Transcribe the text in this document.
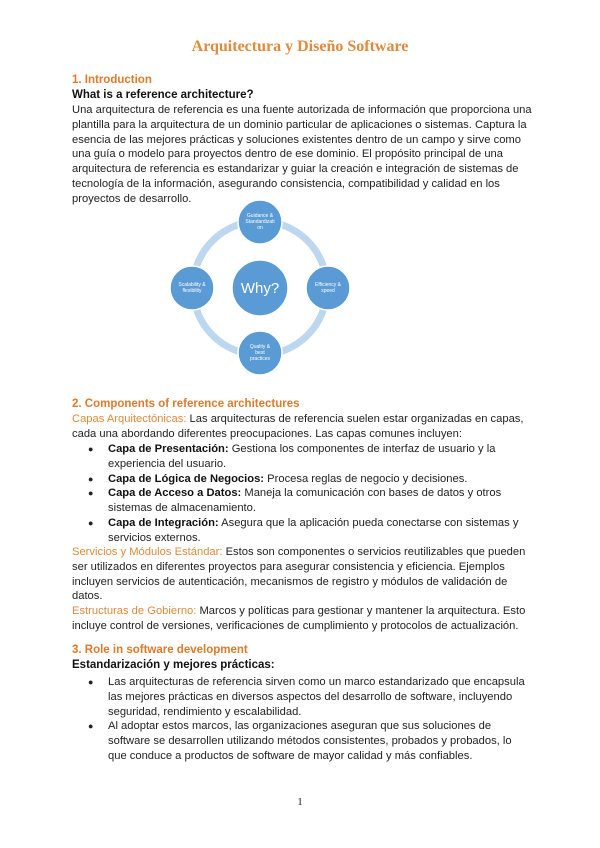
Arquitectura y Diseño Software
1. Introduction
What is a reference architecture?
Una arquitectura de referencia es una fuente autorizada de información que proporciona una plantilla para la arquitectura de un dominio particular de aplicaciones o sistemas. Captura la esencia de las mejores prácticas y soluciones existentes dentro de un campo y sirve como una guía o modelo para proyectos dentro de ese dominio. El propósito principal de una arquitectura de referencia es estandarizar y guiar la creación e integración de sistemas de tecnología de la información, asegurando consistencia, compatibilidad y calidad en los proyectos de desarrollo.
Why?
Guidance &
Standardizati
on
Efficiency &
speed
Quality &
best
practices
Scalability &
flexibility
2. Components of reference architectures
Capas Arquitectónicas: Las arquitecturas de referencia suelen estar organizadas en capas, cada una abordando diferentes preocupaciones. Las capas comunes incluyen:
● Capa de Presentación: Gestiona los componentes de interfaz de usuario y la experiencia del usuario.
● Capa de Lógica de Negocios: Procesa reglas de negocio y decisiones.
● Capa de Acceso a Datos: Maneja la comunicación con bases de datos y otros sistemas de almacenamiento.
● Capa de Integración: Asegura que la aplicación pueda conectarse con sistemas y servicios externos.
Servicios y Módulos Estándar: Estos son componentes o servicios reutilizables que pueden ser utilizados en diferentes proyectos para asegurar consistencia y eficiencia. Ejemplos incluyen servicios de autenticación, mecanismos de registro y módulos de validación de datos.
Estructuras de Gobierno: Marcos y políticas para gestionar y mantener la arquitectura. Esto incluye control de versiones, verificaciones de cumplimiento y protocolos de actualización.
3. Role in software development
Estandarización y mejores prácticas:
● Las arquitecturas de referencia sirven como un marco estandarizado que encapsula las mejores prácticas en diversos aspectos del desarrollo de software, incluyendo seguridad, rendimiento y escalabilidad.
● Al adoptar estos marcos, las organizaciones aseguran que sus soluciones de software se desarrollen utilizando métodos consistentes, probados y probados, lo que conduce a productos de software de mayor calidad y más confiables.
1
